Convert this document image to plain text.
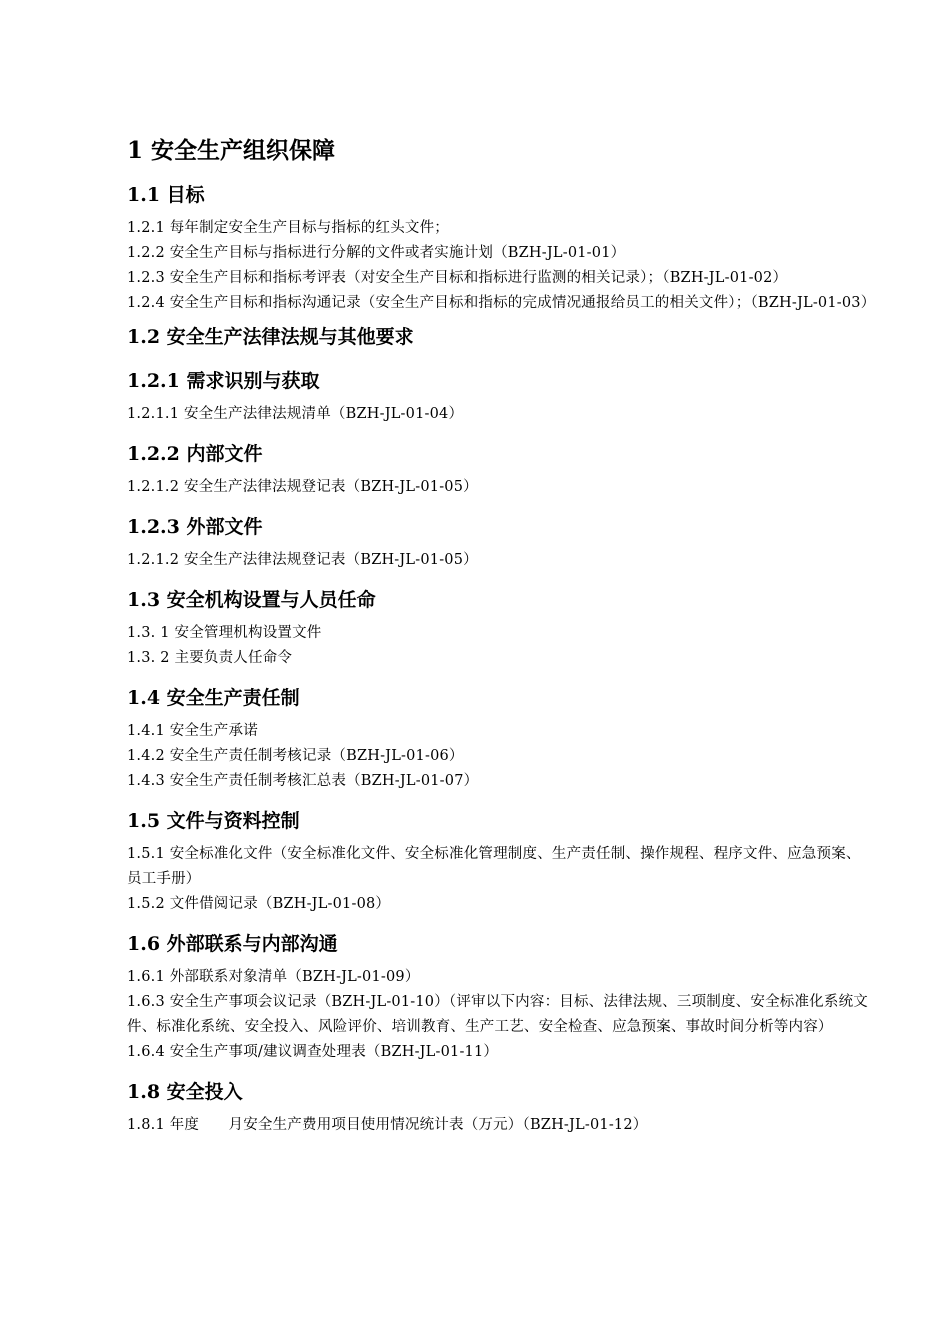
1 安全生产组织保障
1.1 目标

1.2.1 每年制定安全生产目标与指标的红头文件；

1.2.2 安全生产目标与指标进行分解的文件或者实施计划（BZH-JL-01-01）

1.2.3 安全生产目标和指标考评表（对安全生产目标和指标进行监测的相关记录）；（BZH-JL-01-02）

1.2.4 安全生产目标和指标沟通记录（安全生产目标和指标的完成情况通报给员工的相关文件）；（BZH-JL-01-03）

1.2 安全生产法律法规与其他要求
1.2.1 需求识别与获取

1.2.1.1 安全生产法律法规清单（BZH-JL-01-04）

1.2.2 内部文件

1.2.1.2 安全生产法律法规登记表（BZH-JL-01-05）

1.2.3 外部文件

1.2.1.2 安全生产法律法规登记表（BZH-JL-01-05）

1.3 安全机构设置与人员任命

1.3. 1 安全管理机构设置文件

1.3. 2 主要负责人任命令

1.4 安全生产责任制

1.4.1 安全生产承诺

1.4.2 安全生产责任制考核记录（BZH-JL-01-06）

1.4.3 安全生产责任制考核汇总表（BZH-JL-01-07）

1.5 文件与资料控制

1.5.1 安全标准化文件（安全标准化文件、安全标准化管理制度、生产责任制、操作规程、程序文件、应急预案、员工手册）

1.5.2 文件借阅记录（BZH-JL-01-08）

1.6 外部联系与内部沟通

1.6.1 外部联系对象清单（BZH-JL-01-09）

1.6.3 安全生产事项会议记录（BZH-JL-01-10）（评审以下内容：目标、法律法规、三项制度、安全标准化系统文件、标准化系统、安全投入、风险评价、培训教育、生产工艺、安全检查、应急预案、事故时间分析等内容）

1.6.4 安全生产事项/建议调查处理表（BZH-JL-01-11）

1.8 安全投入

1.8.1 年度　　月安全生产费用项目使用情况统计表（万元）（BZH-JL-01-12）
